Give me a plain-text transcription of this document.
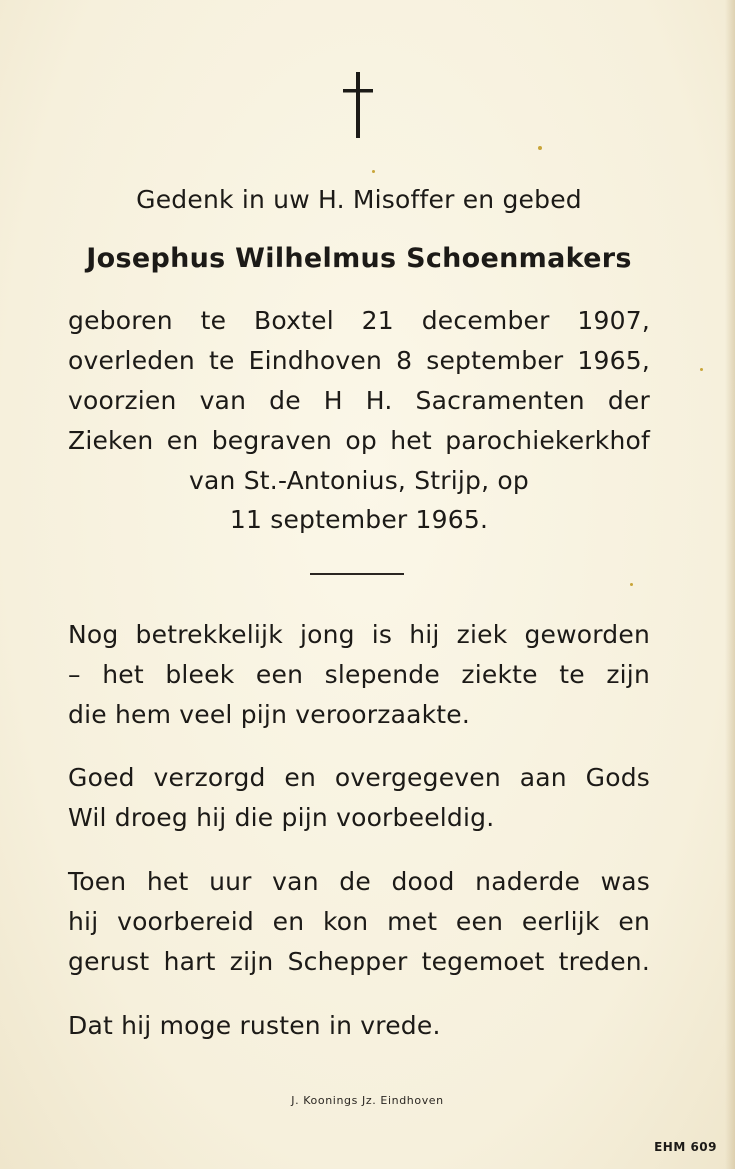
Gedenk in uw H. Misoffer en gebed

Josephus Wilhelmus Schoenmakers

geboren te Boxtel 21 december 1907,

overleden te Eindhoven 8 september 1965,

voorzien van de H H. Sacramenten der

Zieken en begraven op het parochiekerkhof

van St.-Antonius, Strijp, op

11 september 1965.

Nog betrekkelijk jong is hij ziek geworden

– het bleek een slepende ziekte te zijn

die hem veel pijn veroorzaakte.

Goed verzorgd en overgegeven aan Gods

Wil droeg hij die pijn voorbeeldig.

Toen het uur van de dood naderde was

hij voorbereid en kon met een eerlijk en

gerust hart zijn Schepper tegemoet treden.

Dat hij moge rusten in vrede.

J. Koonings Jz. Eindhoven
EHM 609
